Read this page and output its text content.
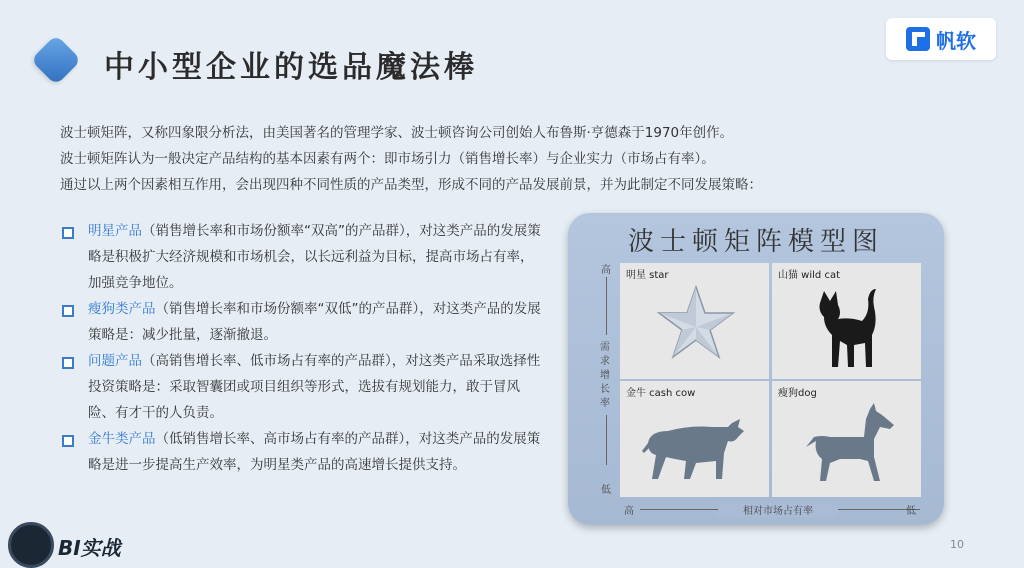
中小型企业的选品魔法棒
帆软

波士顿矩阵，又称四象限分析法，由美国著名的管理学家、波士顿咨询公司创始人布鲁斯·亨德森于1970年创作。

波士顿矩阵认为一般决定产品结构的基本因素有两个：即市场引力（销售增长率）与企业实力（市场占有率）。

通过以上两个因素相互作用，会出现四种不同性质的产品类型，形成不同的产品发展前景，并为此制定不同发展策略：

明星产品（销售增长率和市场份额率“双高”的产品群），对这类产品的发展策略是积极扩大经济规模和市场机会，以长远利益为目标，提高市场占有率，加强竞争地位。
瘦狗类产品（销售增长率和市场份额率“双低”的产品群），对这类产品的发展策略是：减少批量，逐渐撤退。
问题产品（高销售增长率、低市场占有率的产品群），对这类产品采取选择性投资策略是：采取智囊团或项目组织等形式，选拔有规划能力，敢于冒风险、有才干的人负责。
金牛类产品（低销售增长率、高市场占有率的产品群），对这类产品的发展策略是进一步提高生产效率，为明星类产品的高速增长提供支持。
波士顿矩阵模型图
高
需求增长率
低
明星 star	山猫 wild cat
金牛 cash cow	瘦狗dog
高	相对市场占有率	低
BI实战	10
